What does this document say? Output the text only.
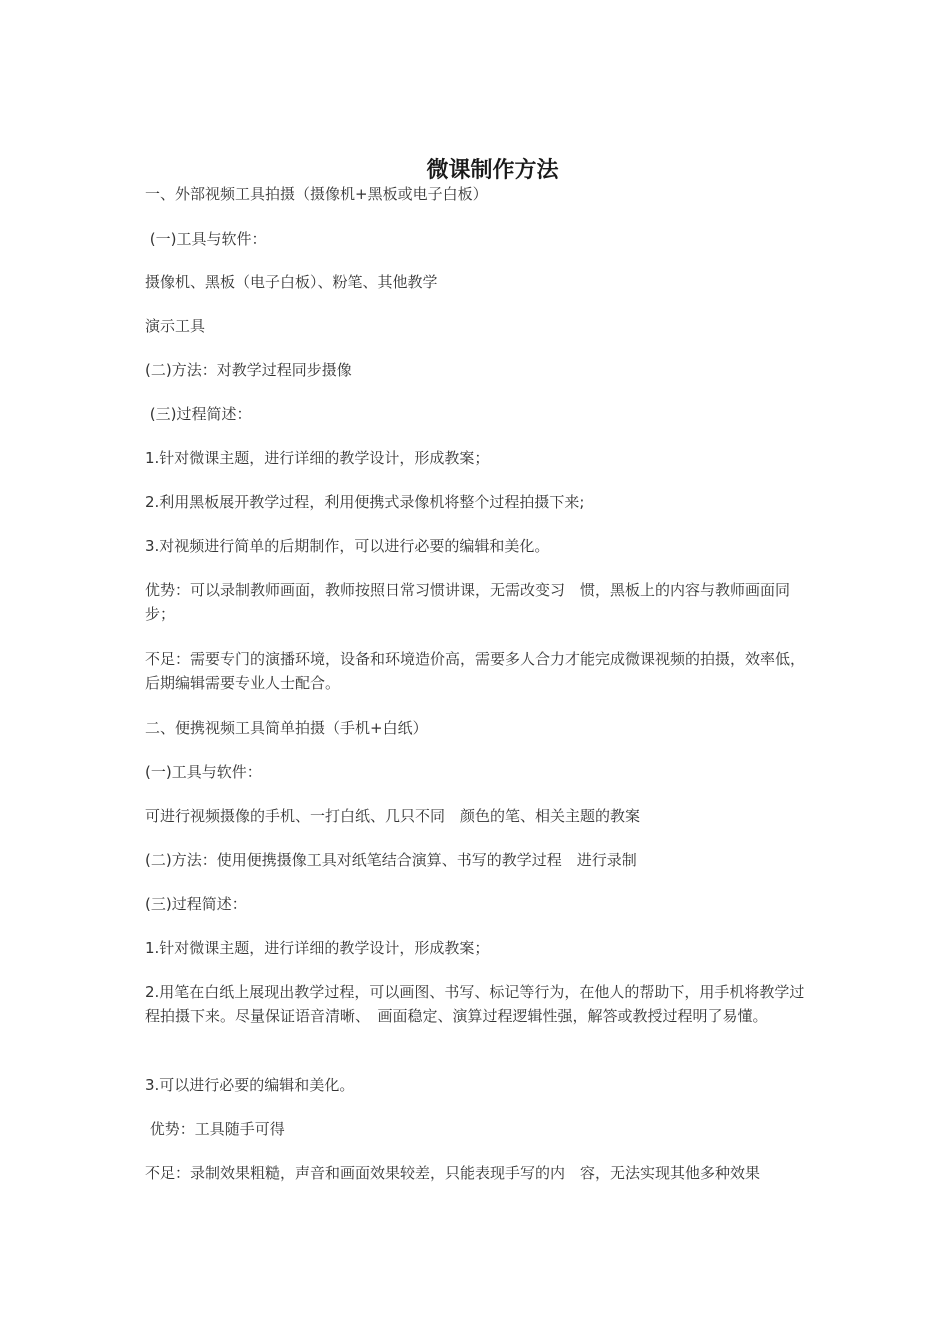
微课制作方法
一、外部视频工具拍摄（摄像机+黑板或电子白板）
(一)工具与软件：
摄像机、黑板（电子白板）、粉笔、其他教学
演示工具
(二)方法：对教学过程同步摄像
(三)过程简述：
1.针对微课主题，进行详细的教学设计，形成教案；
2.利用黑板展开教学过程，利用便携式录像机将整个过程拍摄下来;
3.对视频进行简单的后期制作，可以进行必要的编辑和美化。
优势：可以录制教师画面，教师按照日常习惯讲课，无需改变习　惯，黑板上的内容与教师画面同步；
不足：需要专门的演播环境，设备和环境造价高，需要多人合力才能完成微课视频的拍摄，效率低，后期编辑需要专业人士配合。
二、便携视频工具简单拍摄（手机+白纸）
(一)工具与软件：
可进行视频摄像的手机、一打白纸、几只不同　颜色的笔、相关主题的教案
(二)方法：使用便携摄像工具对纸笔结合演算、书写的教学过程　进行录制
(三)过程简述：
1.针对微课主题，进行详细的教学设计，形成教案；
2.用笔在白纸上展现出教学过程，可以画图、书写、标记等行为，在他人的帮助下，用手机将教学过程拍摄下来。尽量保证语音清晰、　画面稳定、演算过程逻辑性强，解答或教授过程明了易懂。
3.可以进行必要的编辑和美化。
优势：工具随手可得
不足：录制效果粗糙，声音和画面效果较差，只能表现手写的内　容，无法实现其他多种效果
